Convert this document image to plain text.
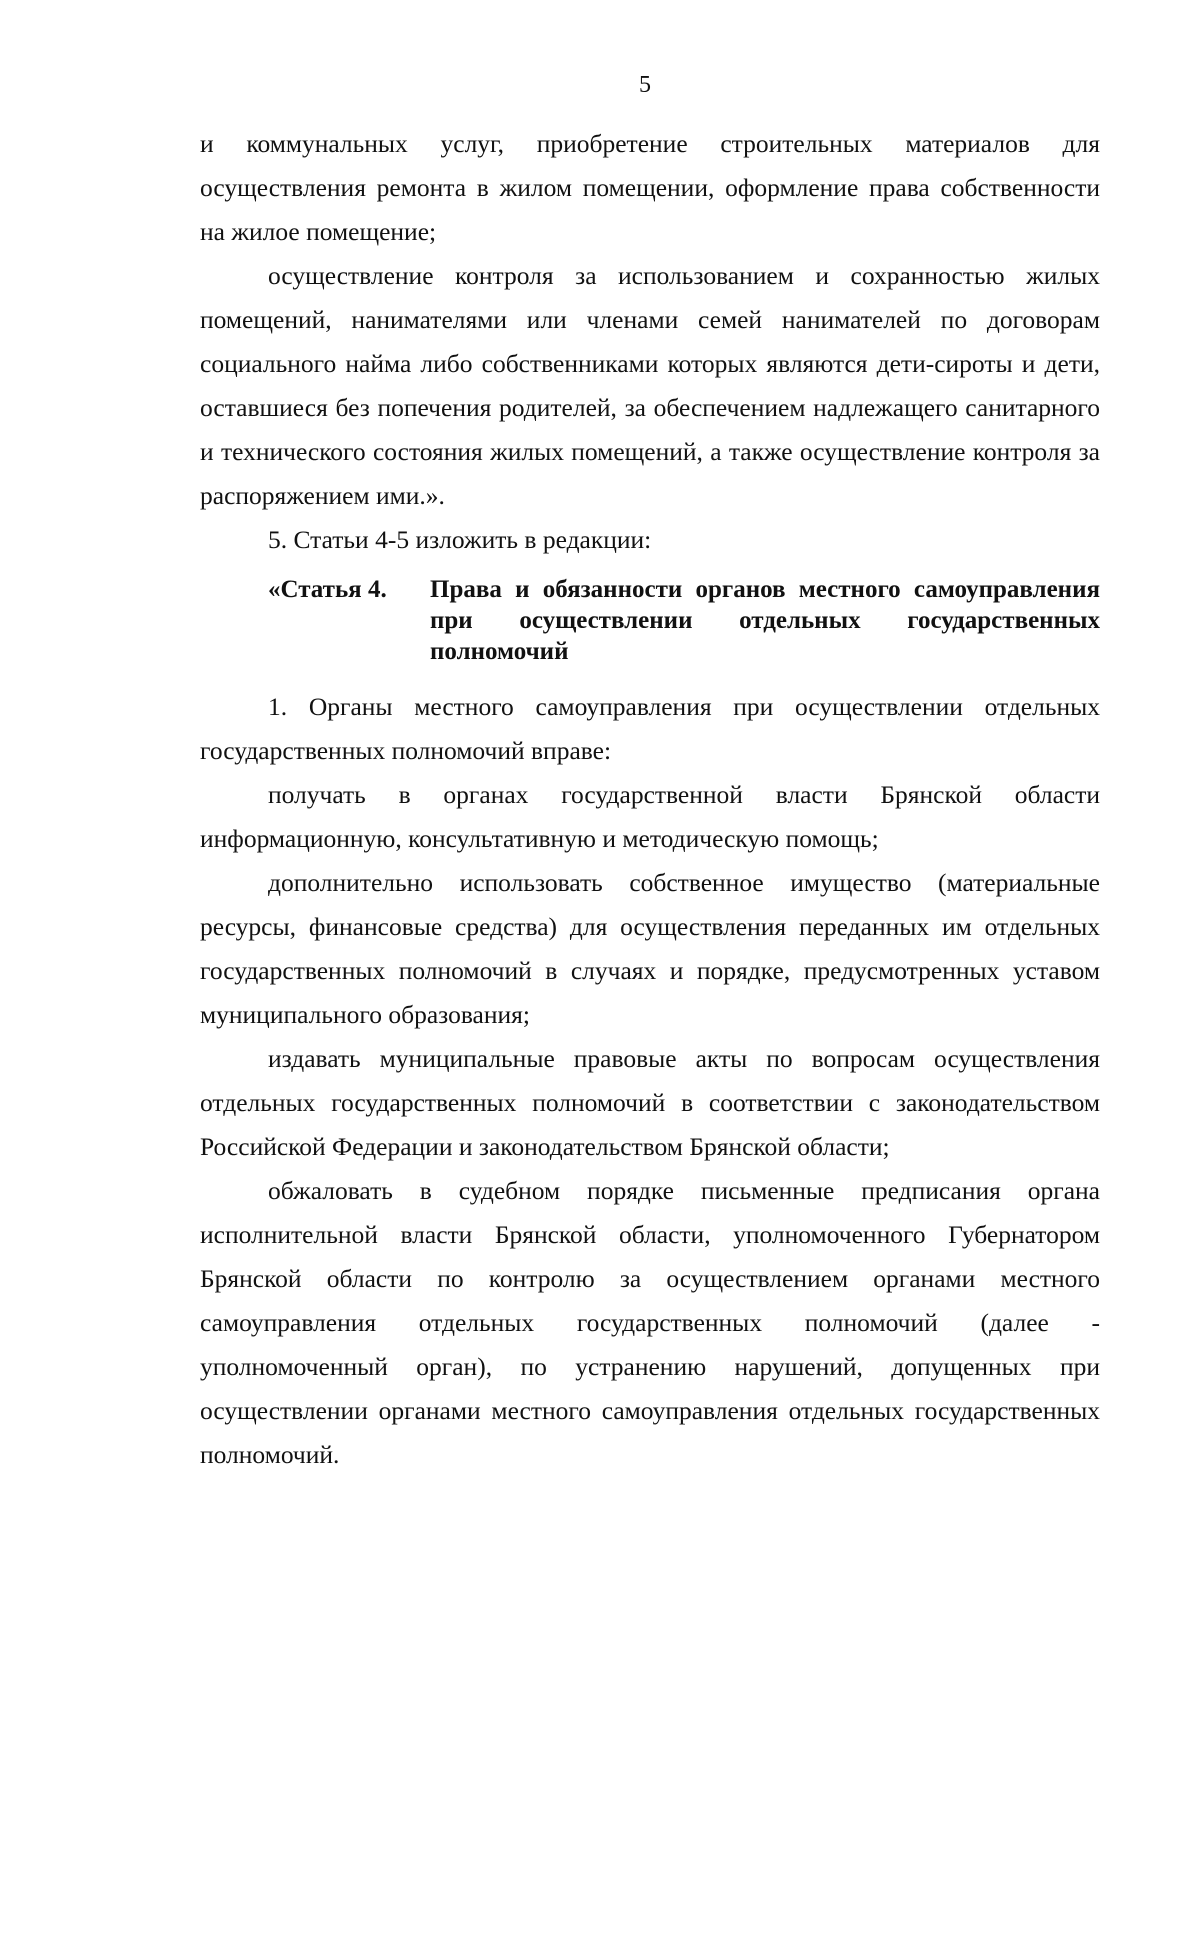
5

и коммунальных услуг, приобретение строительных материалов для осуществления ремонта в жилом помещении, оформление права собственности на жилое помещение;

осуществление контроля за использованием и сохранностью жилых помещений, нанимателями или членами семей нанимателей по договорам социального найма либо собственниками которых являются дети-сироты и дети, оставшиеся без попечения родителей, за обеспечением надлежащего санитарного и технического состояния жилых помещений, а также осуществление контроля за распоряжением ими.».

5. Статьи 4-5 изложить в редакции:

«Статья 4. Права и обязанности органов местного самоуправления при осуществлении отдельных государственных полномочий

1. Органы местного самоуправления при осуществлении отдельных государственных полномочий вправе:

получать в органах государственной власти Брянской области информационную, консультативную и методическую помощь;

дополнительно использовать собственное имущество (материальные ресурсы, финансовые средства) для осуществления переданных им отдельных государственных полномочий в случаях и порядке, предусмотренных уставом муниципального образования;

издавать муниципальные правовые акты по вопросам осуществления отдельных государственных полномочий в соответствии с законодательством Российской Федерации и законодательством Брянской области;

обжаловать в судебном порядке письменные предписания органа исполнительной власти Брянской области, уполномоченного Губернатором Брянской области по контролю за осуществлением органами местного самоуправления отдельных государственных полномочий (далее - уполномоченный орган), по устранению нарушений, допущенных при осуществлении органами местного самоуправления отдельных государственных полномочий.
